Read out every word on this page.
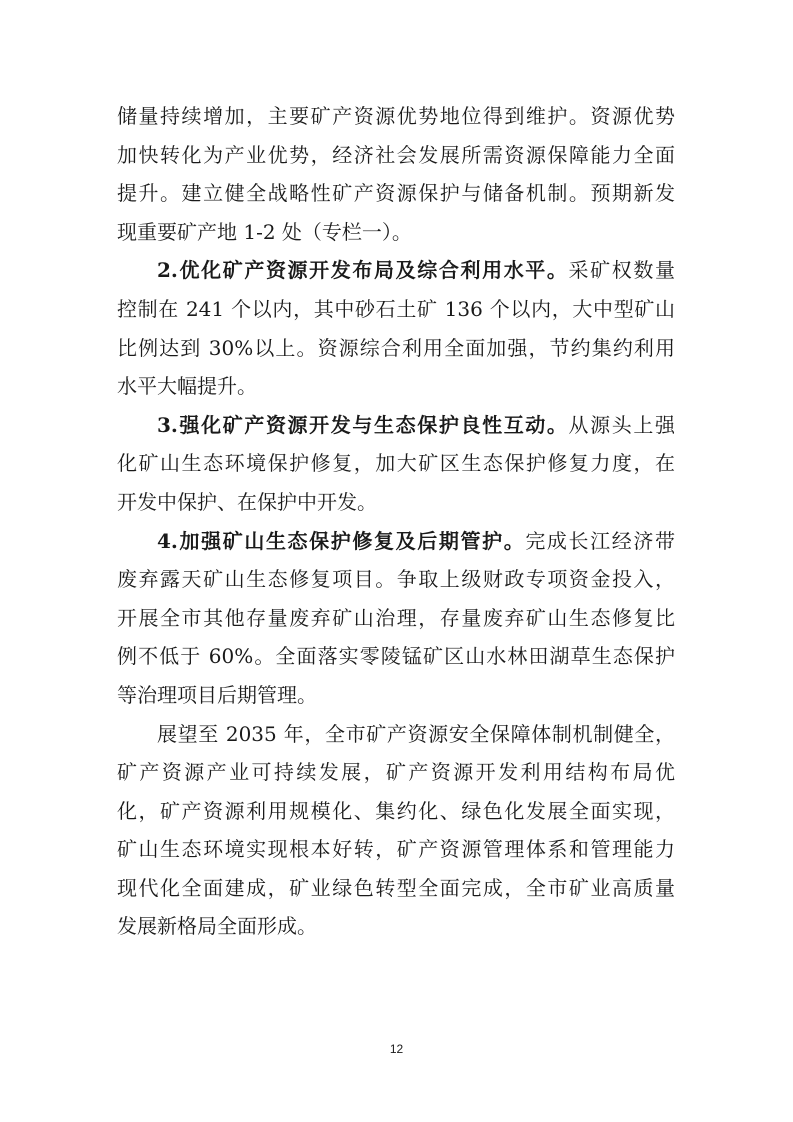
储量持续增加，主要矿产资源优势地位得到维护。资源优势
加快转化为产业优势，经济社会发展所需资源保障能力全面
提升。建立健全战略性矿产资源保护与储备机制。预期新发
现重要矿产地 1-2 处（专栏一）。
2.优化矿产资源开发布局及综合利用水平。采矿权数量
控制在 241 个以内，其中砂石土矿 136 个以内，大中型矿山
比例达到 30%以上。资源综合利用全面加强，节约集约利用
水平大幅提升。
3.强化矿产资源开发与生态保护良性互动。从源头上强
化矿山生态环境保护修复，加大矿区生态保护修复力度，在
开发中保护、在保护中开发。
4.加强矿山生态保护修复及后期管护。完成长江经济带
废弃露天矿山生态修复项目。争取上级财政专项资金投入，
开展全市其他存量废弃矿山治理，存量废弃矿山生态修复比
例不低于 60%。全面落实零陵锰矿区山水林田湖草生态保护
等治理项目后期管理。
展望至 2035 年，全市矿产资源安全保障体制机制健全，
矿产资源产业可持续发展，矿产资源开发利用结构布局优
化，矿产资源利用规模化、集约化、绿色化发展全面实现，
矿山生态环境实现根本好转，矿产资源管理体系和管理能力
现代化全面建成，矿业绿色转型全面完成，全市矿业高质量
发展新格局全面形成。
12
